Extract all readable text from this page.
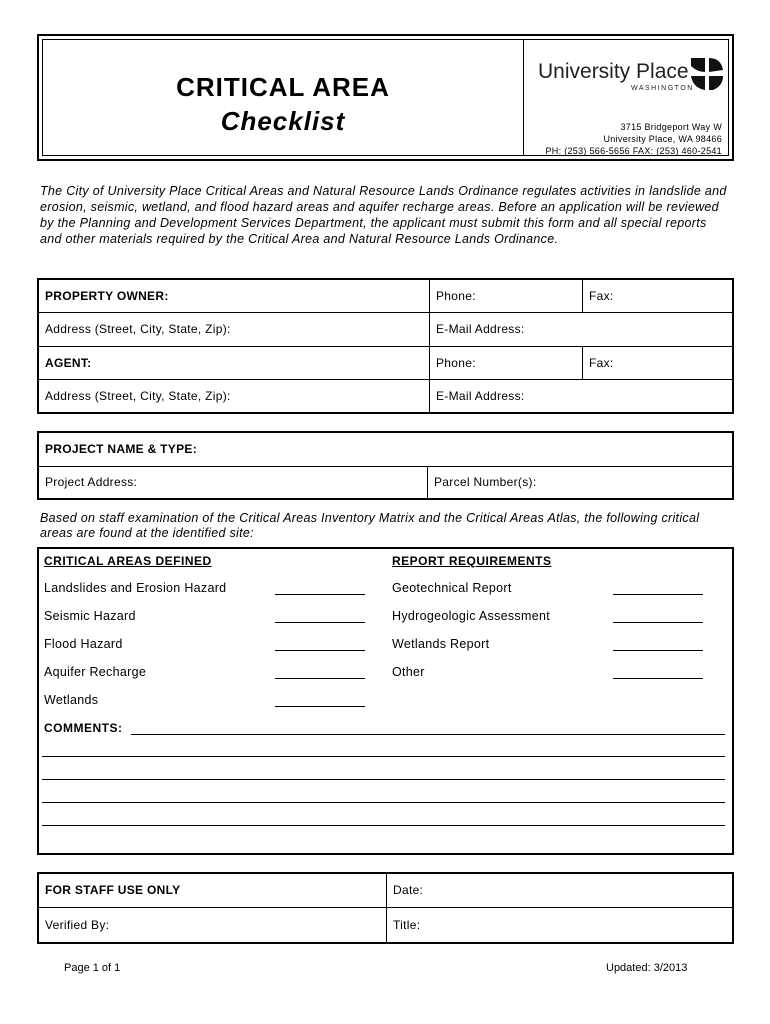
CRITICAL AREA
Checklist
University Place
WASHINGTON
3715 Bridgeport Way W
University Place, WA 98466
PH: (253) 566-5656 FAX: (253) 460-2541
The City of University Place Critical Areas and Natural Resource Lands Ordinance regulates activities in landslide and erosion, seismic, wetland, and flood hazard areas and aquifer recharge areas. Before an application will be reviewed by the Planning and Development Services Department, the applicant must submit this form and all special reports and other materials required by the Critical Area and Natural Resource Lands Ordinance.
PROPERTY OWNER:	Phone:	Fax:
Address (Street, City, State, Zip):	E-Mail Address:	
AGENT:	Phone:	Fax:
Address (Street, City, State, Zip):	E-Mail Address:	
PROJECT NAME & TYPE:
Project Address:	Parcel Number(s):
Based on staff examination of the Critical Areas Inventory Matrix and the Critical Areas Atlas, the following critical areas are found at the identified site:
CRITICAL AREAS DEFINED	REPORT REQUIREMENTS
Landslides and Erosion Hazard	Geotechnical Report
Seismic Hazard	Hydrogeologic Assessment
Flood Hazard	Wetlands Report
Aquifer Recharge	Other
Wetlands
COMMENTS:
FOR STAFF USE ONLY	Date:
Verified By:	Title:
Page 1 of 1	Updated: 3/2013
